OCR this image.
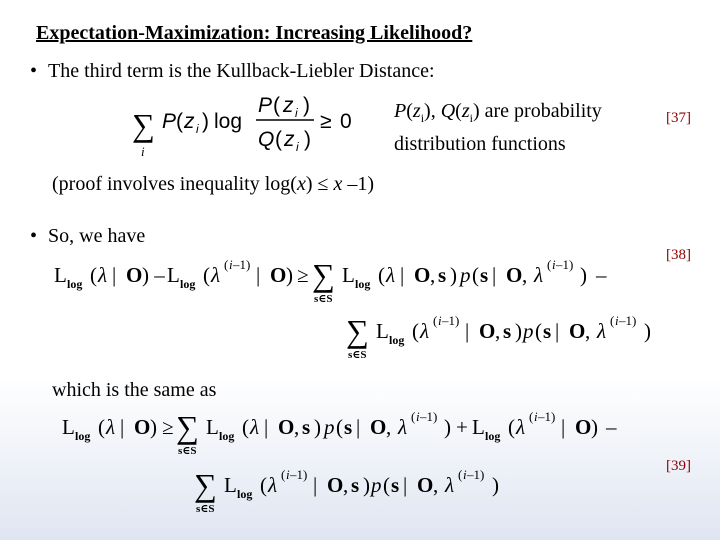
Expectation-Maximization: Increasing Likelihood?
• The third term is the Kullback-Liebler Distance:
∑
i
P ( z i ) log
P ( z i )
Q ( z i )
≥ 0 $P(z_i)$, $Q(z_i)$ are probability
distribution functions
[37]
(proof involves inequality log(x) ≤ x –1)
• So, we have
[38]
L log ( λ | O ) – L log ( λ ( i –1) | O ) ≥ ∑
s∈S
L log ( λ | O , s ) p ( s | O , λ ( i –1) ) –
∑
s∈S
L log ( λ ( i –1) | O , s ) p ( s | O , λ ( i –1) )
which is the same as
L log ( λ | O ) ≥ ∑
s∈S
L log ( λ | O , s ) p ( s | O , λ ( i –1) ) + L log ( λ ( i –1) | O ) –
∑
s∈S
L log ( λ ( i –1) | O , s ) p ( s | O , λ ( i –1) )
[39]
